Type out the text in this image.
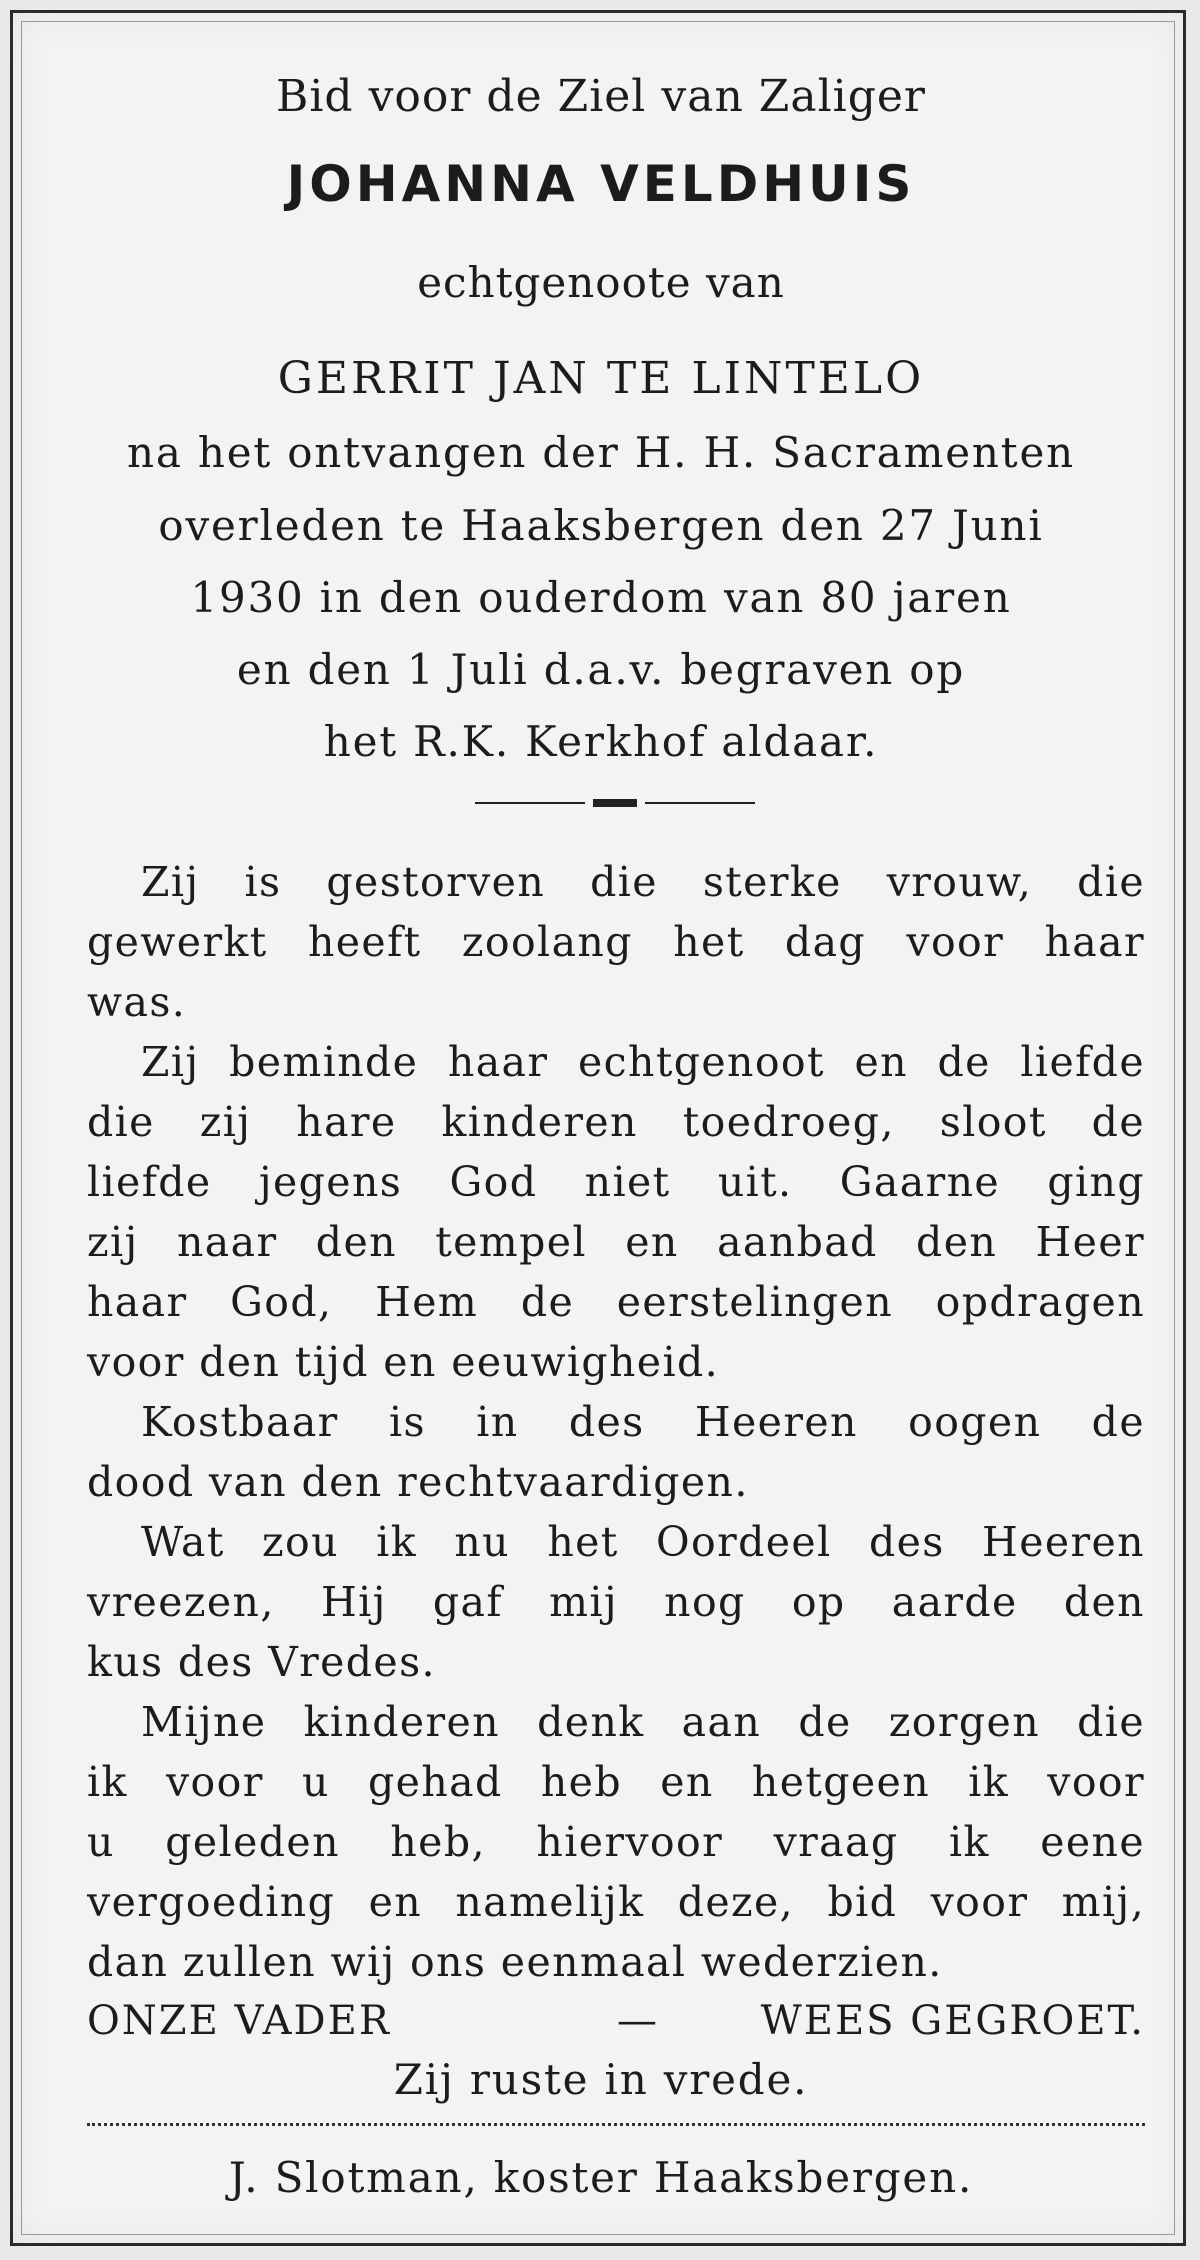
Bid voor de Ziel van Zaliger
JOHANNA VELDHUIS
echtgenoote van
GERRIT JAN TE LINTELO
na het ontvangen der H. H. Sacramenten
overleden te Haaksbergen den 27 Juni
1930 in den ouderdom van 80 jaren
en den 1 Juli d.a.v. begraven op
het R.K. Kerkhof aldaar.
Zij is gestorven die sterke vrouw, die
gewerkt heeft zoolang het dag voor haar
was.
Zij beminde haar echtgenoot en de liefde
die zij hare kinderen toedroeg, sloot de
liefde jegens God niet uit. Gaarne ging
zij naar den tempel en aanbad den Heer
haar God, Hem de eerstelingen opdragen
voor den tijd en eeuwigheid.
Kostbaar is in des Heeren oogen de
dood van den rechtvaardigen.
Wat zou ik nu het Oordeel des Heeren
vreezen, Hij gaf mij nog op aarde den
kus des Vredes.
Mijne kinderen denk aan de zorgen die
ik voor u gehad heb en hetgeen ik voor
u geleden heb, hiervoor vraag ik eene
vergoeding en namelijk deze, bid voor mij,
dan zullen wij ons eenmaal wederzien.
ONZE VADER	—	WEES GEGROET.
Zij ruste in vrede.
J. Slotman, koster Haaksbergen.
